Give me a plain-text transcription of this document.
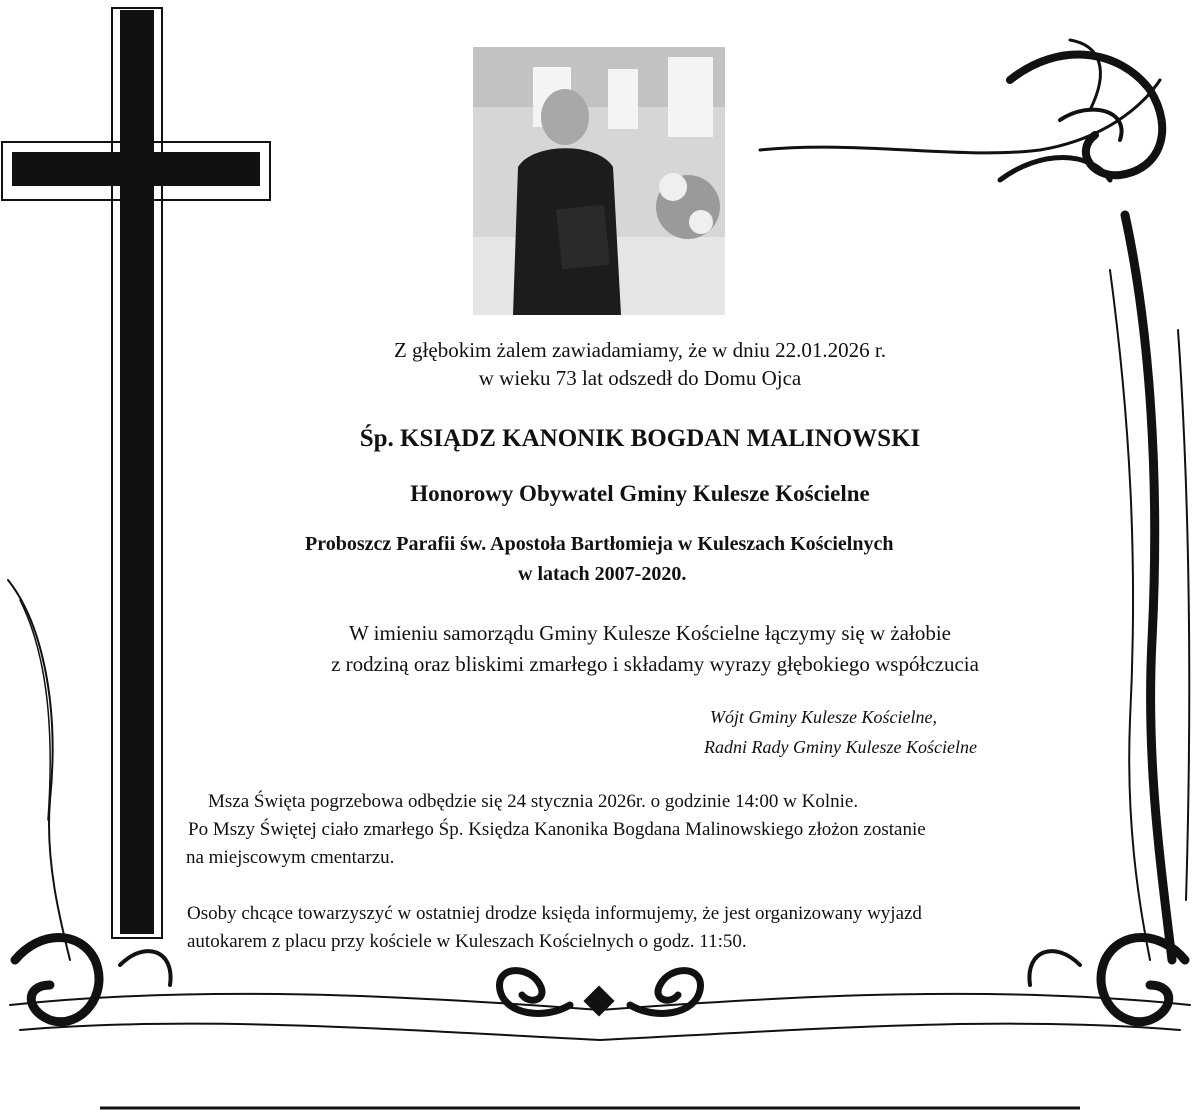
Z głębokim żalem zawiadamiamy, że w dniu 22.01.2026 r.
w wieku 73 lat odszedł do Domu Ojca
Śp. KSIĄDZ KANONIK BOGDAN MALINOWSKI
Honorowy Obywatel Gminy Kulesze Kościelne
Proboszcz Parafii św. Apostoła Bartłomieja w Kuleszach Kościelnych
w latach 2007-2020.
W imieniu samorządu Gminy Kulesze Kościelne łączymy się w żałobie
z rodziną oraz bliskimi zmarłego i składamy wyrazy głębokiego współczucia
Wójt Gminy Kulesze Kościelne,
Radni Rady Gminy Kulesze Kościelne
Msza Święta pogrzebowa odbędzie się 24 stycznia 2026r. o godzinie 14:00 w Kolnie.
Po Mszy Świętej ciało zmarłego Śp. Księdza Kanonika Bogdana Malinowskiego złożon zostanie
na miejscowym cmentarzu.
Osoby chcące towarzyszyć w ostatniej drodze księda informujemy, że jest organizowany wyjazd
autokarem z placu przy kościele w Kuleszach Kościelnych o godz. 11:50.
